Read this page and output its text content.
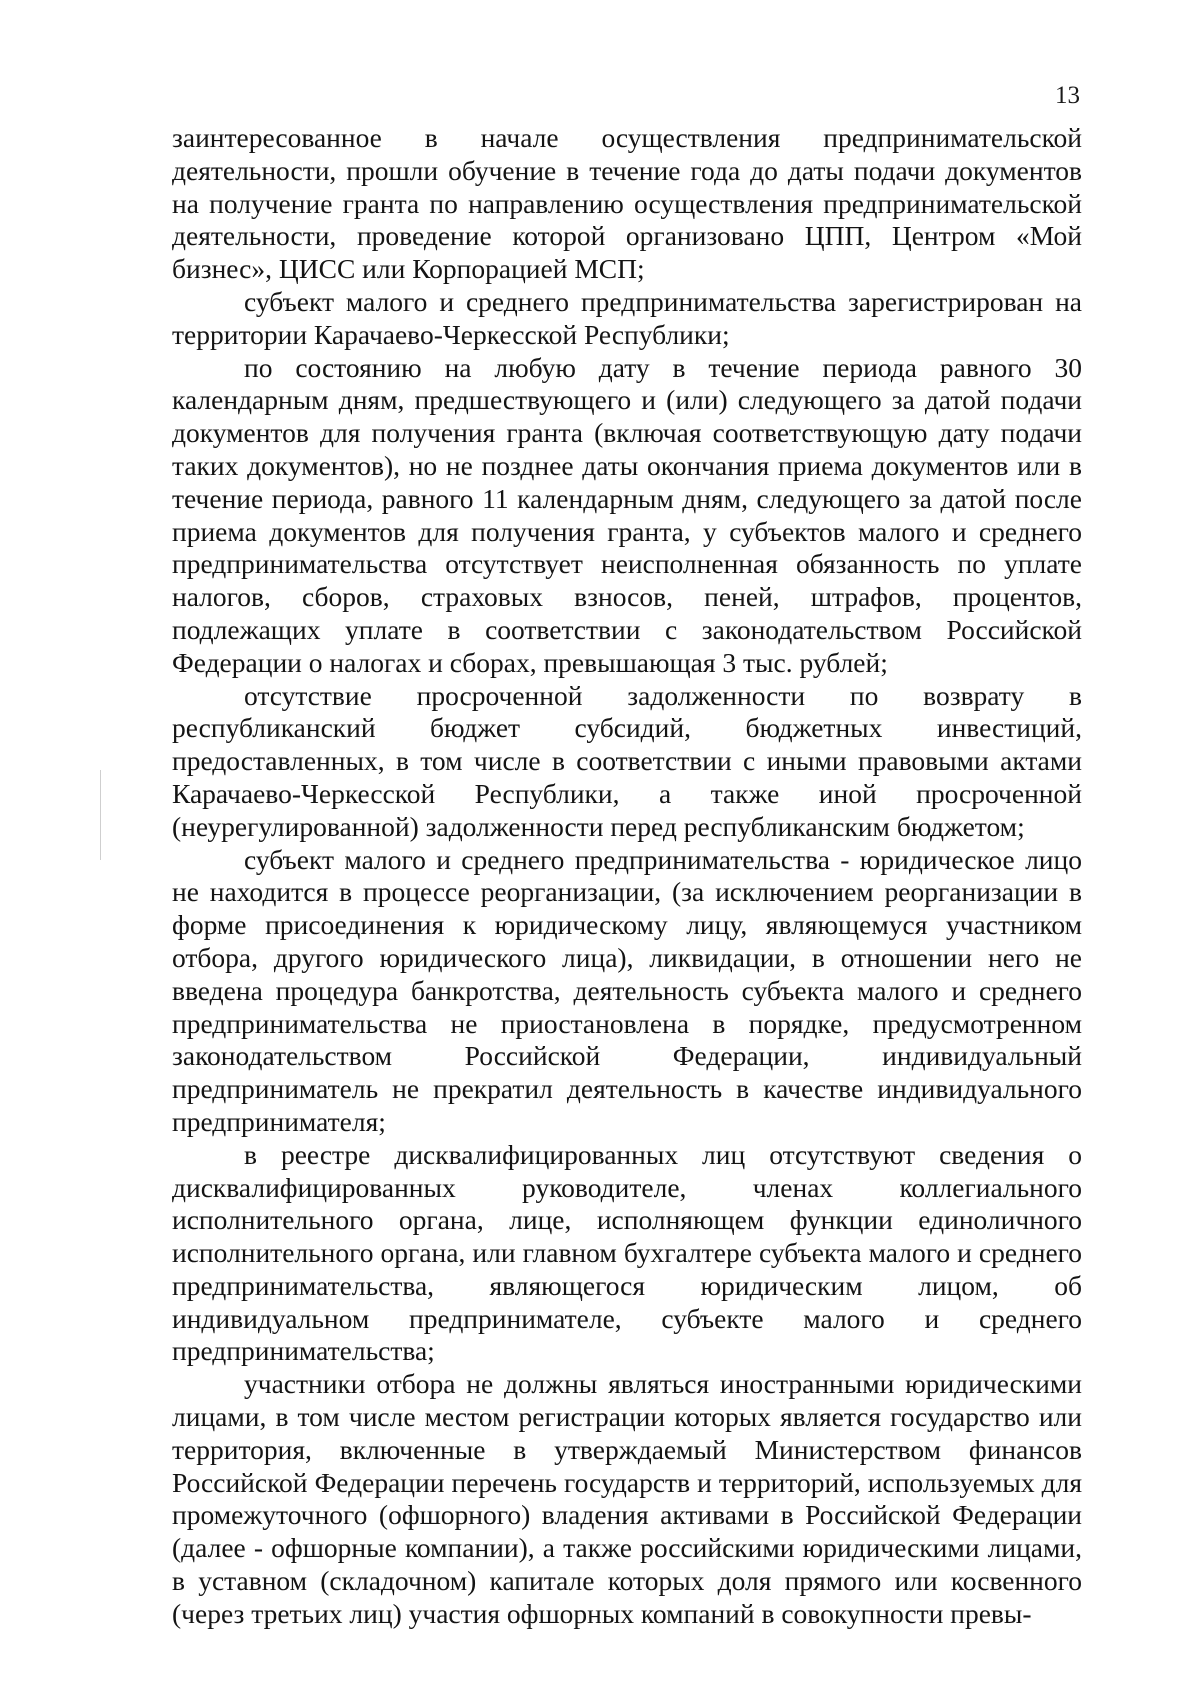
13

заинтересованное в начале осуществления предпринимательской деятельности, прошли обучение в течение года до даты подачи документов на получение гранта по направлению осуществления предпринимательской деятельности, проведение которой организовано ЦПП, Центром «Мой бизнес», ЦИСС или Корпорацией МСП;

субъект малого и среднего предпринимательства зарегистрирован на территории Карачаево-Черкесской Республики;

по состоянию на любую дату в течение периода равного 30 календарным дням, предшествующего и (или) следующего за датой подачи документов для получения гранта (включая соответствующую дату подачи таких документов), но не позднее даты окончания приема документов или в течение периода, равного 11 календарным дням, следующего за датой после приема документов для получения гранта, у субъектов малого и среднего предпринимательства отсутствует неисполненная обязанность по уплате налогов, сборов, страховых взносов, пеней, штрафов, процентов, подлежащих уплате в соответствии с законодательством Российской Федерации о налогах и сборах, превышающая 3 тыс. рублей;

отсутствие просроченной задолженности по возврату в республиканский бюджет субсидий, бюджетных инвестиций, предоставленных, в том числе в соответствии с иными правовыми актами Карачаево-Черкесской Республики, а также иной просроченной (неурегулированной) задолженности перед республиканским бюджетом;

субъект малого и среднего предпринимательства - юридическое лицо не находится в процессе реорганизации, (за исключением реорганизации в форме присоединения к юридическому лицу, являющемуся участником отбора, другого юридического лица), ликвидации, в отношении него не введена процедура банкротства, деятельность субъекта малого и среднего предпринимательства не приостановлена в порядке, предусмотренном законодательством Российской Федерации, индивидуальный предприниматель не прекратил деятельность в качестве индивидуального предпринимателя;

в реестре дисквалифицированных лиц отсутствуют сведения о дисквалифицированных руководителе, членах коллегиального исполнительного органа, лице, исполняющем функции единоличного исполнительного органа, или главном бухгалтере субъекта малого и среднего предпринимательства, являющегося юридическим лицом, об индивидуальном предпринимателе, субъекте малого и среднего предпринимательства;

участники отбора не должны являться иностранными юридическими лицами, в том числе местом регистрации которых является государство или территория, включенные в утверждаемый Министерством финансов Российской Федерации перечень государств и территорий, используемых для промежуточного (офшорного) владения активами в Российской Федерации (далее - офшорные компании), а также российскими юридическими лицами, в уставном (складочном) капитале которых доля прямого или косвенного (через третьих лиц) участия офшорных компаний в совокупности превы-
